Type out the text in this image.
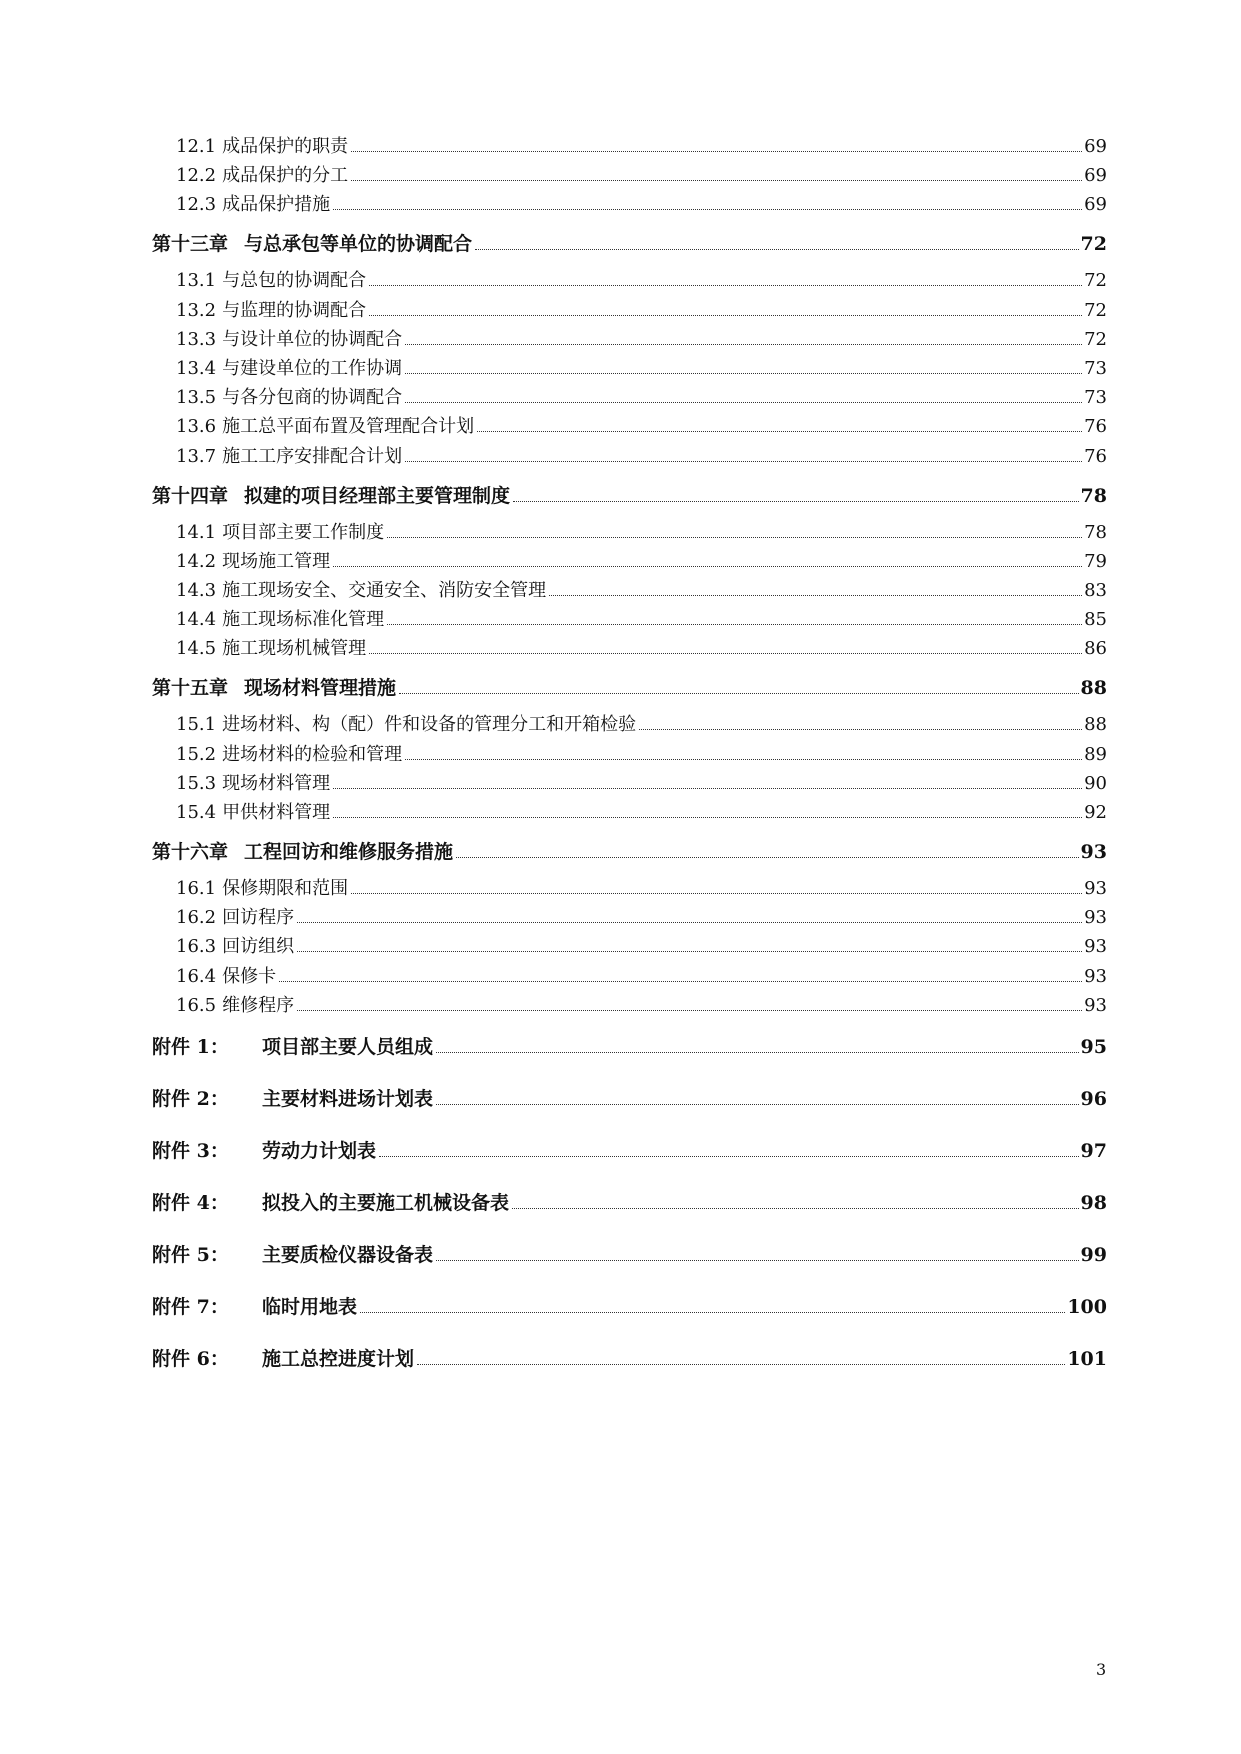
12.1 成品保护的职责	69
12.2 成品保护的分工	69
12.3 成品保护措施	69
第十三章 与总承包等单位的协调配合	72
13.1 与总包的协调配合	72
13.2 与监理的协调配合	72
13.3 与设计单位的协调配合	72
13.4 与建设单位的工作协调	73
13.5 与各分包商的协调配合	73
13.6 施工总平面布置及管理配合计划	76
13.7 施工工序安排配合计划	76
第十四章 拟建的项目经理部主要管理制度	78
14.1 项目部主要工作制度	78
14.2 现场施工管理	79
14.3 施工现场安全、交通安全、消防安全管理	83
14.4 施工现场标准化管理	85
14.5 施工现场机械管理	86
第十五章 现场材料管理措施	88
15.1 进场材料、构（配）件和设备的管理分工和开箱检验	88
15.2 进场材料的检验和管理	89
15.3 现场材料管理	90
15.4 甲供材料管理	92
第十六章 工程回访和维修服务措施	93
16.1 保修期限和范围	93
16.2 回访程序	93
16.3 回访组织	93
16.4 保修卡	93
16.5 维修程序	93
附件 1：	项目部主要人员组成	95
附件 2：	主要材料进场计划表	96
附件 3：	劳动力计划表	97
附件 4：	拟投入的主要施工机械设备表	98
附件 5：	主要质检仪器设备表	99
附件 7：	临时用地表	100
附件 6：	施工总控进度计划	101
3
